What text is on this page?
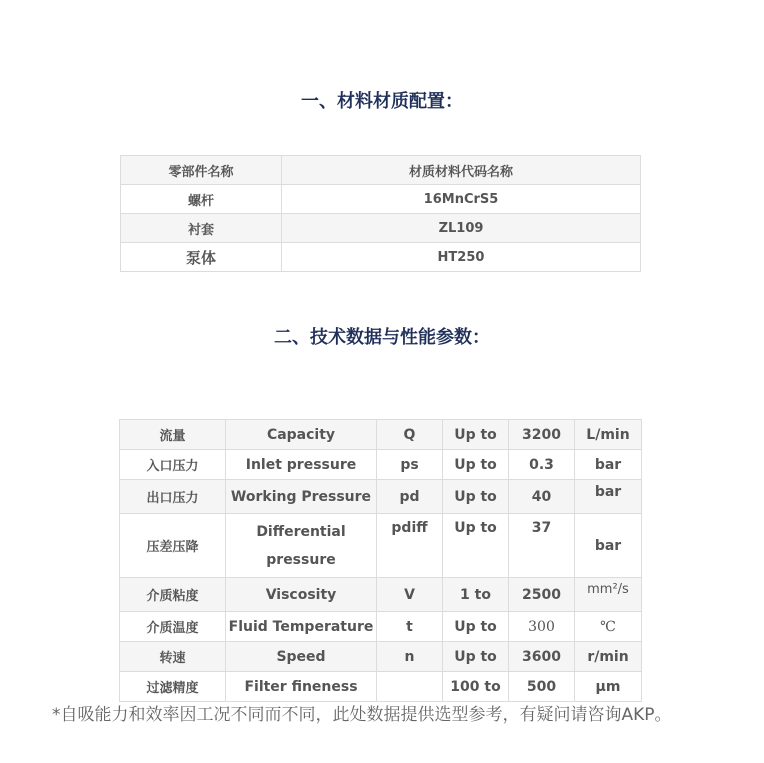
一、材料材质配置：
零部件名称	材质材料代码名称
螺杆	16MnCrS5
衬套	ZL109
泵体	HT250
二、技术数据与性能参数：
流量	Capacity	Q	Up to	3200	L/min
入口压力	Inlet pressure	ps	Up to	0.3	bar
出口压力	Working Pressure	pd	Up to	40	bar
压差压降	Differential pressure	pdiff	Up to	37	bar
介质粘度	Viscosity	V	1 to	2500	mm²/s
介质温度	Fluid Temperature	t	Up to	300	℃
转速	Speed	n	Up to	3600	r/min
过滤精度	Filter fineness		100 to	500	μm

*自吸能力和效率因工况不同而不同，此处数据提供选型参考，有疑问请咨询AKP。
